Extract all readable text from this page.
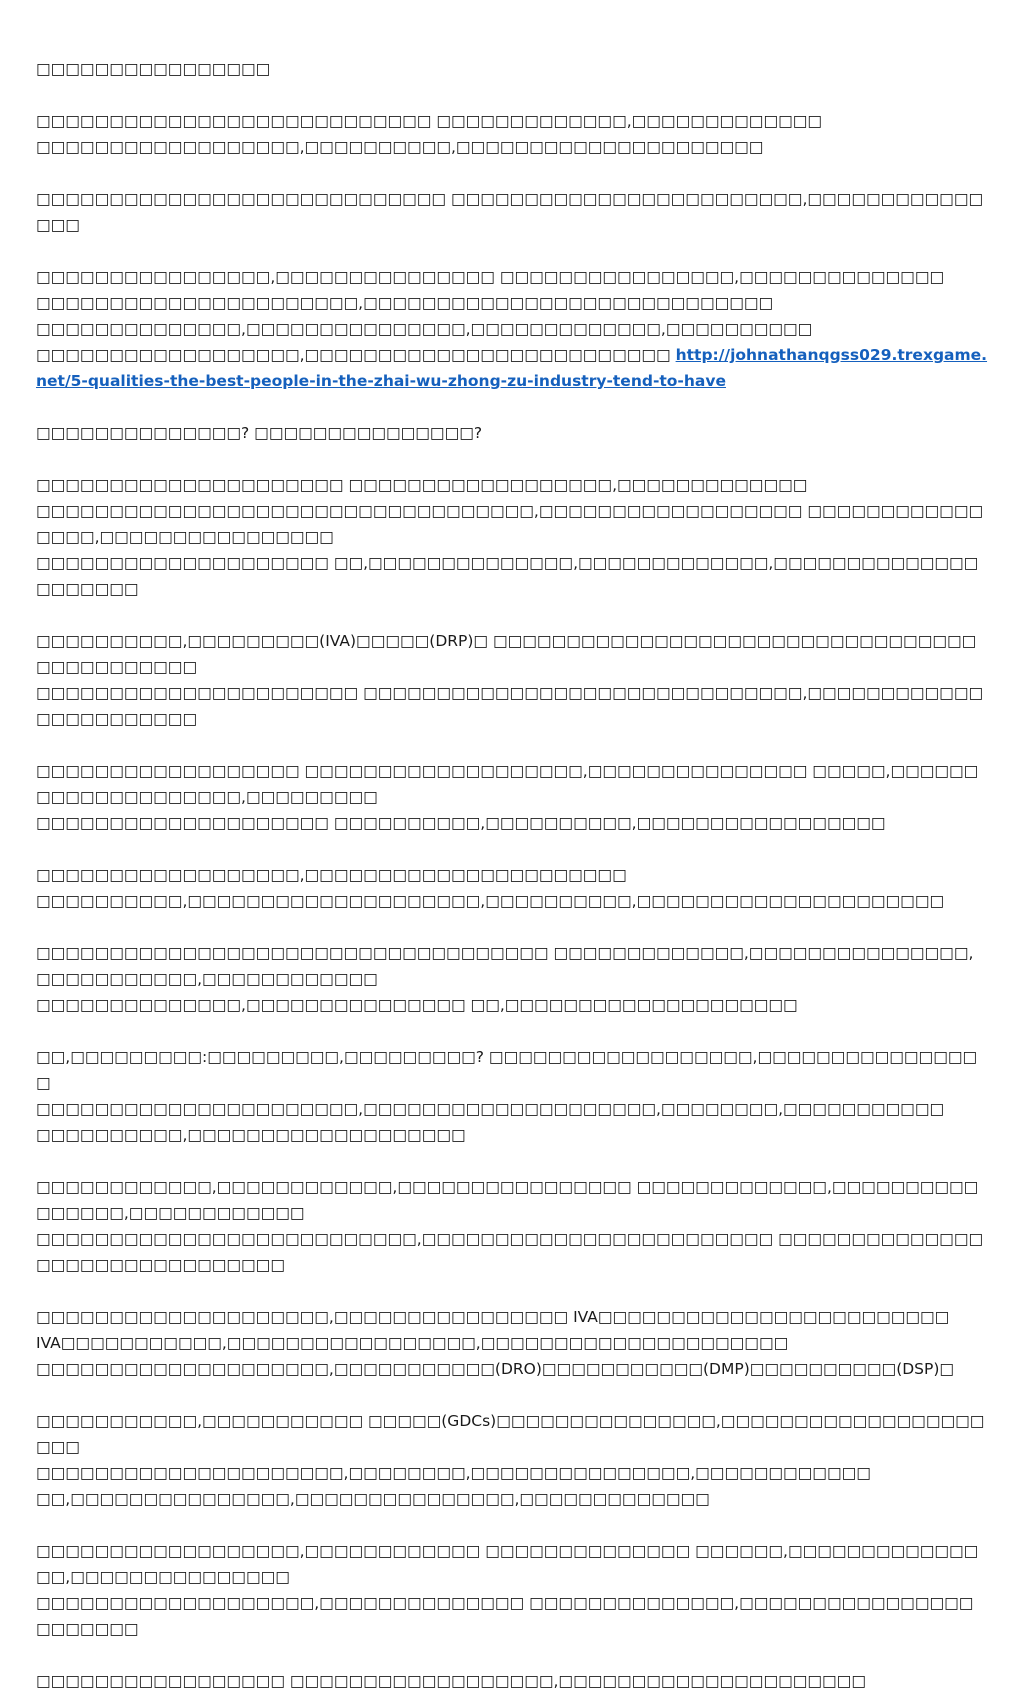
□□□□□□□□□□□□□□□□

□□□□□□□□□□□□□□□□□□□□□□□□□□□ □□□□□□□□□□□□□,□□□□□□□□□□□□□
□□□□□□□□□□□□□□□□□□,□□□□□□□□□□,□□□□□□□□□□□□□□□□□□□□□

□□□□□□□□□□□□□□□□□□□□□□□□□□□□ □□□□□□□□□□□□□□□□□□□□□□□□,□□□□□□□□□□□□□□□

□□□□□□□□□□□□□□□□,□□□□□□□□□□□□□□□ □□□□□□□□□□□□□□□□,□□□□□□□□□□□□□□
□□□□□□□□□□□□□□□□□□□□□□,□□□□□□□□□□□□□□□□□□□□□□□□□□□□
□□□□□□□□□□□□□□,□□□□□□□□□□□□□□□,□□□□□□□□□□□□□,□□□□□□□□□□
□□□□□□□□□□□□□□□□□□,□□□□□□□□□□□□□□□□□□□□□□□□□ http://johnathanqgss029.trexgame.net/5-qualities-the-best-people-in-the-zhai-wu-zhong-zu-industry-tend-to-have

□□□□□□□□□□□□□□? □□□□□□□□□□□□□□□?

□□□□□□□□□□□□□□□□□□□□□ □□□□□□□□□□□□□□□□□□,□□□□□□□□□□□□□
□□□□□□□□□□□□□□□□□□□□□□□□□□□□□□□□□□,□□□□□□□□□□□□□□□□□□ □□□□□□□□□□□□□□□□,□□□□□□□□□□□□□□□□
□□□□□□□□□□□□□□□□□□□□ □□,□□□□□□□□□□□□□□,□□□□□□□□□□□□□,□□□□□□□□□□□□□□□□□□□□□

□□□□□□□□□□,□□□□□□□□□(IVA)□□□□□(DRP)□ □□□□□□□□□□□□□□□□□□□□□□□□□□□□□□□□□□□□□□□□□□□□
□□□□□□□□□□□□□□□□□□□□□□ □□□□□□□□□□□□□□□□□□□□□□□□□□□□□□,□□□□□□□□□□□□□□□□□□□□□□□

□□□□□□□□□□□□□□□□□□ □□□□□□□□□□□□□□□□□□□,□□□□□□□□□□□□□□□ □□□□□,□□□□□□□□□□□□□□□□□□□□,□□□□□□□□□
□□□□□□□□□□□□□□□□□□□□ □□□□□□□□□□,□□□□□□□□□□,□□□□□□□□□□□□□□□□□

□□□□□□□□□□□□□□□□□□,□□□□□□□□□□□□□□□□□□□□□□
□□□□□□□□□□,□□□□□□□□□□□□□□□□□□□□,□□□□□□□□□□,□□□□□□□□□□□□□□□□□□□□□

□□□□□□□□□□□□□□□□□□□□□□□□□□□□□□□□□□□ □□□□□□□□□□□□□,□□□□□□□□□□□□□□□,□□□□□□□□□□□,□□□□□□□□□□□□
□□□□□□□□□□□□□□,□□□□□□□□□□□□□□□ □□,□□□□□□□□□□□□□□□□□□□□

□□,□□□□□□□□□:□□□□□□□□□,□□□□□□□□□? □□□□□□□□□□□□□□□□□□,□□□□□□□□□□□□□□□□
□□□□□□□□□□□□□□□□□□□□□□,□□□□□□□□□□□□□□□□□□□□,□□□□□□□□,□□□□□□□□□□□
□□□□□□□□□□,□□□□□□□□□□□□□□□□□□□

□□□□□□□□□□□□,□□□□□□□□□□□□,□□□□□□□□□□□□□□□□ □□□□□□□□□□□□□,□□□□□□□□□□□□□□□□,□□□□□□□□□□□□
□□□□□□□□□□□□□□□□□□□□□□□□□□,□□□□□□□□□□□□□□□□□□□□□□□□ □□□□□□□□□□□□□□□□□□□□□□□□□□□□□□□

□□□□□□□□□□□□□□□□□□□□,□□□□□□□□□□□□□□□□ IVA□□□□□□□□□□□□□□□□□□□□□□□□
IVA□□□□□□□□□□□,□□□□□□□□□□□□□□□□□,□□□□□□□□□□□□□□□□□□□□□
□□□□□□□□□□□□□□□□□□□□,□□□□□□□□□□□(DRO)□□□□□□□□□□□(DMP)□□□□□□□□□□(DSP)□

□□□□□□□□□□□,□□□□□□□□□□□ □□□□□(GDCs)□□□□□□□□□□□□□□□,□□□□□□□□□□□□□□□□□□□□□
□□□□□□□□□□□□□□□□□□□□□,□□□□□□□□,□□□□□□□□□□□□□□□,□□□□□□□□□□□□
□□,□□□□□□□□□□□□□□□,□□□□□□□□□□□□□□□,□□□□□□□□□□□□□

□□□□□□□□□□□□□□□□□□,□□□□□□□□□□□□ □□□□□□□□□□□□□□ □□□□□□,□□□□□□□□□□□□□□□,□□□□□□□□□□□□□□□
□□□□□□□□□□□□□□□□□□□,□□□□□□□□□□□□□□ □□□□□□□□□□□□□□,□□□□□□□□□□□□□□□□□□□□□□□

□□□□□□□□□□□□□□□□□ □□□□□□□□□□□□□□□□□□,□□□□□□□□□□□□□□□□□□□□□
